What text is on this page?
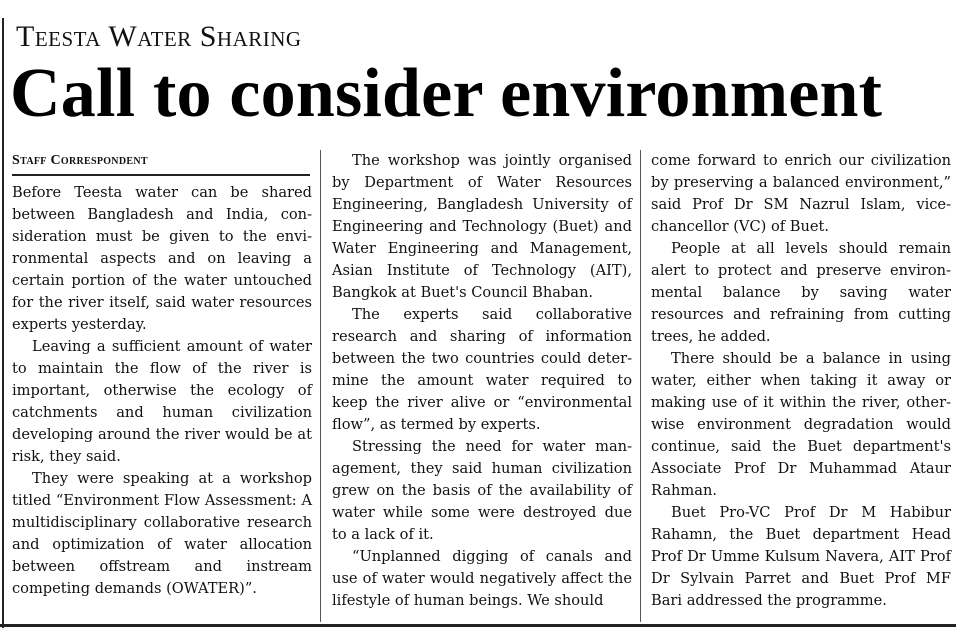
Teesta Water Sharing
Call to consider environment
Staff Correspondent

Before Teesta water can be shared between Bangladesh and India, consideration must be given to the environmental aspects and on leaving a certain portion of the water untouched for the river itself, said water resources experts yesterday.

Leaving a sufficient amount of water to maintain the flow of the river is important, otherwise the ecology of catchments and human civilization developing around the river would be at risk, they said.

They were speaking at a workshop titled “Environment Flow Assessment: A multidisciplinary collaborative research and optimization of water allocation between offstream and instream competing demands (OWATER)”.

The workshop was jointly organised by Department of Water Resources Engineering, Bangladesh University of Engineering and Technology (Buet) and Water Engineering and Management, Asian Institute of Technology (AIT), Bangkok at Buet's Council Bhaban.

The experts said collaborative research and sharing of information between the two countries could determine the amount water required to keep the river alive or “environmental flow”, as termed by experts.

Stressing the need for water management, they said human civilization grew on the basis of the availability of water while some were destroyed due to a lack of it.

“Unplanned digging of canals and use of water would negatively affect the lifestyle of human beings. We should

come forward to enrich our civilization by preserving a balanced environment,” said Prof Dr SM Nazrul Islam, vice-chancellor (VC) of Buet.

People at all levels should remain alert to protect and preserve environmental balance by saving water resources and refraining from cutting trees, he added.

There should be a balance in using water, either when taking it away or making use of it within the river, otherwise environment degradation would continue, said the Buet department's Associate Prof Dr Muhammad Ataur Rahman.

Buet Pro-VC Prof Dr M Habibur Rahamn, the Buet department Head Prof Dr Umme Kulsum Navera, AIT Prof Dr Sylvain Parret and Buet Prof MF Bari addressed the programme.
